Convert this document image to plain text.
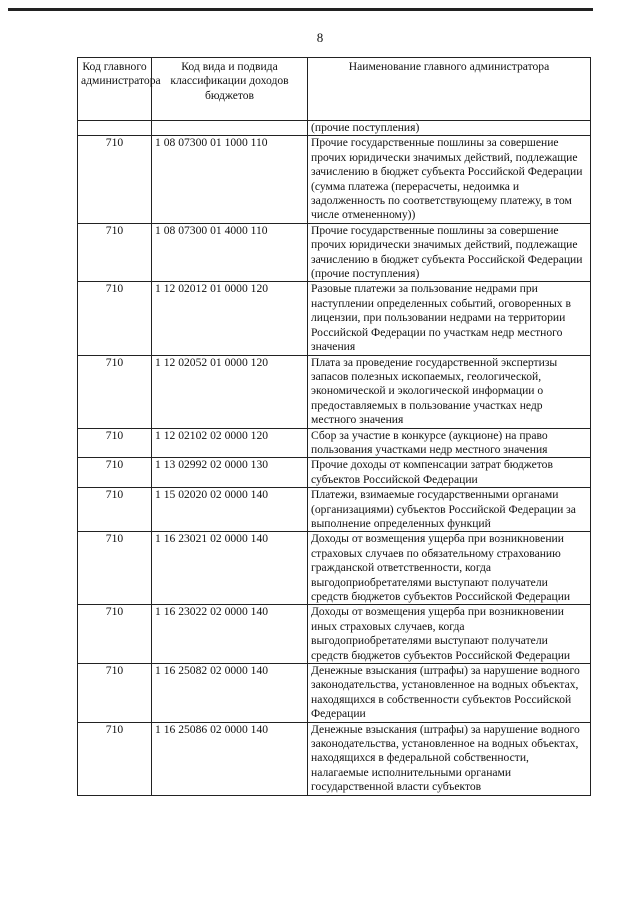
8
Код главного администратора	Код вида и подвида классификации доходов бюджетов	Наименование главного администратора
		(прочие поступления)
710	1 08 07300 01 1000 110	Прочие государственные пошлины за совершение прочих юридически значимых действий, подлежащие зачислению в бюджет субъекта Российской Федерации (сумма платежа (перерасчеты, недоимка и задолженность по соответствующему платежу, в том числе отмененному))
710	1 08 07300 01 4000 110	Прочие государственные пошлины за совершение прочих юридически значимых действий, подлежащие зачислению в бюджет субъекта Российской Федерации (прочие поступления)
710	1 12 02012 01 0000 120	Разовые платежи за пользование недрами при наступлении определенных событий, оговоренных в лицензии, при пользовании недрами на территории Российской Федерации по участкам недр местного значения
710	1 12 02052 01 0000 120	Плата за проведение государственной экспертизы запасов полезных ископаемых, геологической, экономической и экологической информации о предоставляемых в пользование участках недр местного значения
710	1 12 02102 02 0000 120	Сбор за участие в конкурсе (аукционе) на право пользования участками недр местного значения
710	1 13 02992 02 0000 130	Прочие доходы от компенсации затрат бюджетов субъектов Российской Федерации
710	1 15 02020 02 0000 140	Платежи, взимаемые государственными органами (организациями) субъектов Российской Федерации за выполнение определенных функций
710	1 16 23021 02 0000 140	Доходы от возмещения ущерба при возникновении страховых случаев по обязательному страхованию гражданской ответственности, когда выгодоприобретателями выступают получатели средств бюджетов субъектов Российской Федерации
710	1 16 23022 02 0000 140	Доходы от возмещения ущерба при возникновении иных страховых случаев, когда выгодоприобретателями выступают получатели средств бюджетов субъектов Российской Федерации
710	1 16 25082 02 0000 140	Денежные взыскания (штрафы) за нарушение водного законодательства, установленное на водных объектах, находящихся в собственности субъектов Российской Федерации
710	1 16 25086 02 0000 140	Денежные взыскания (штрафы) за нарушение водного законодательства, установленное на водных объектах, находящихся в федеральной собственности, налагаемые исполнительными органами государственной власти субъектов
